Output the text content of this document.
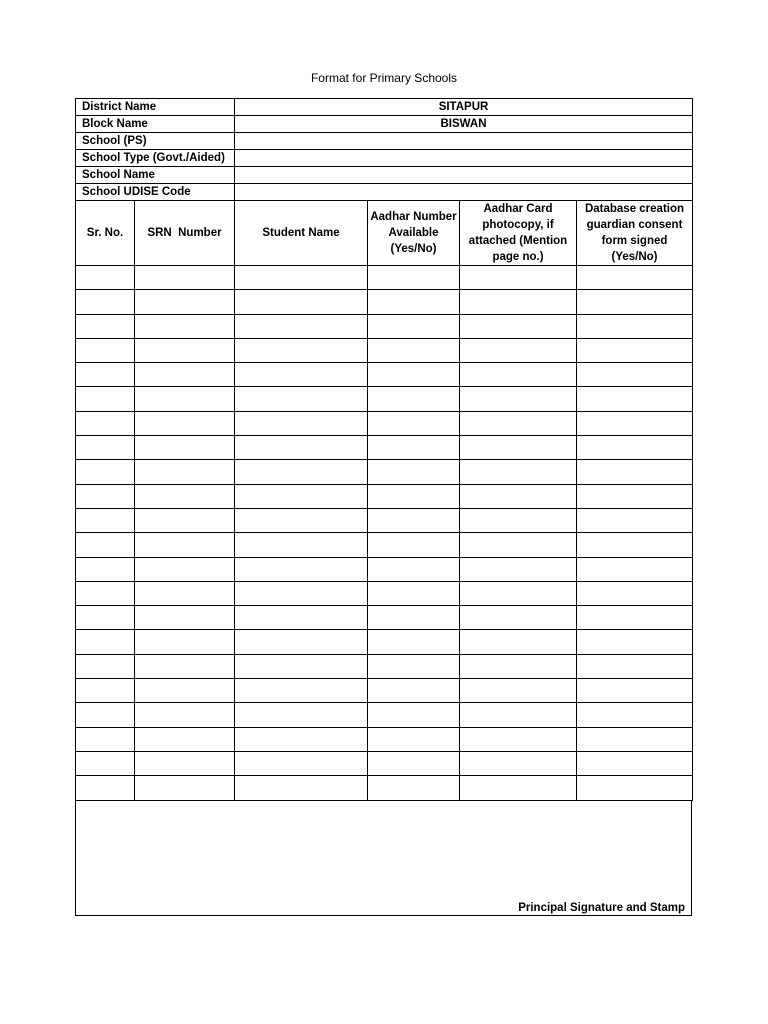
Format for Primary Schools
District Name	SITAPUR
Block Name	BISWAN
School (PS)	
School Type (Govt./Aided)	
School Name	
School UDISE Code	
Sr. No.	SRN  Number	Student Name	Aadhar Number Available (Yes/No)	Aadhar Card photocopy, if attached (Mention page no.)	Database creation guardian consent form signed (Yes/No)

Principal Signature and Stamp
